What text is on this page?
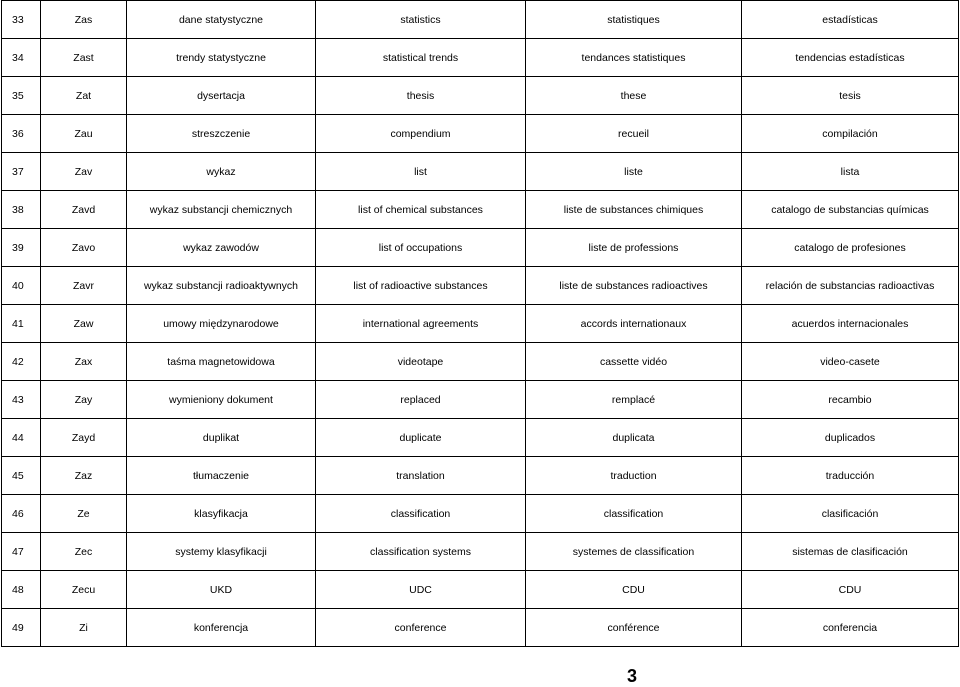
33	Zas	dane statystyczne	statistics	statistiques	estadísticas
34	Zast	trendy statystyczne	statistical trends	tendances statistiques	tendencias estadísticas
35	Zat	dysertacja	thesis	these	tesis
36	Zau	streszczenie	compendium	recueil	compilación
37	Zav	wykaz	list	liste	lista
38	Zavd	wykaz substancji chemicznych	list of chemical substances	liste de substances chimiques	catalogo de substancias químicas
39	Zavo	wykaz zawodów	list of occupations	liste de professions	catalogo de profesiones
40	Zavr	wykaz substancji radioaktywnych	list of radioactive substances	liste de substances radioactives	relación de substancias radioactivas
41	Zaw	umowy międzynarodowe	international agreements	accords internationaux	acuerdos internacionales
42	Zax	taśma magnetowidowa	videotape	cassette vidéo	video-casete
43	Zay	wymieniony dokument	replaced	remplacé	recambio
44	Zayd	duplikat	duplicate	duplicata	duplicados
45	Zaz	tłumaczenie	translation	traduction	traducción
46	Ze	klasyfikacja	classification	classification	clasificación
47	Zec	systemy klasyfikacji	classification systems	systemes de classification	sistemas de clasificación
48	Zecu	UKD	UDC	CDU	CDU
49	Zi	konferencja	conference	conférence	conferencia
3
